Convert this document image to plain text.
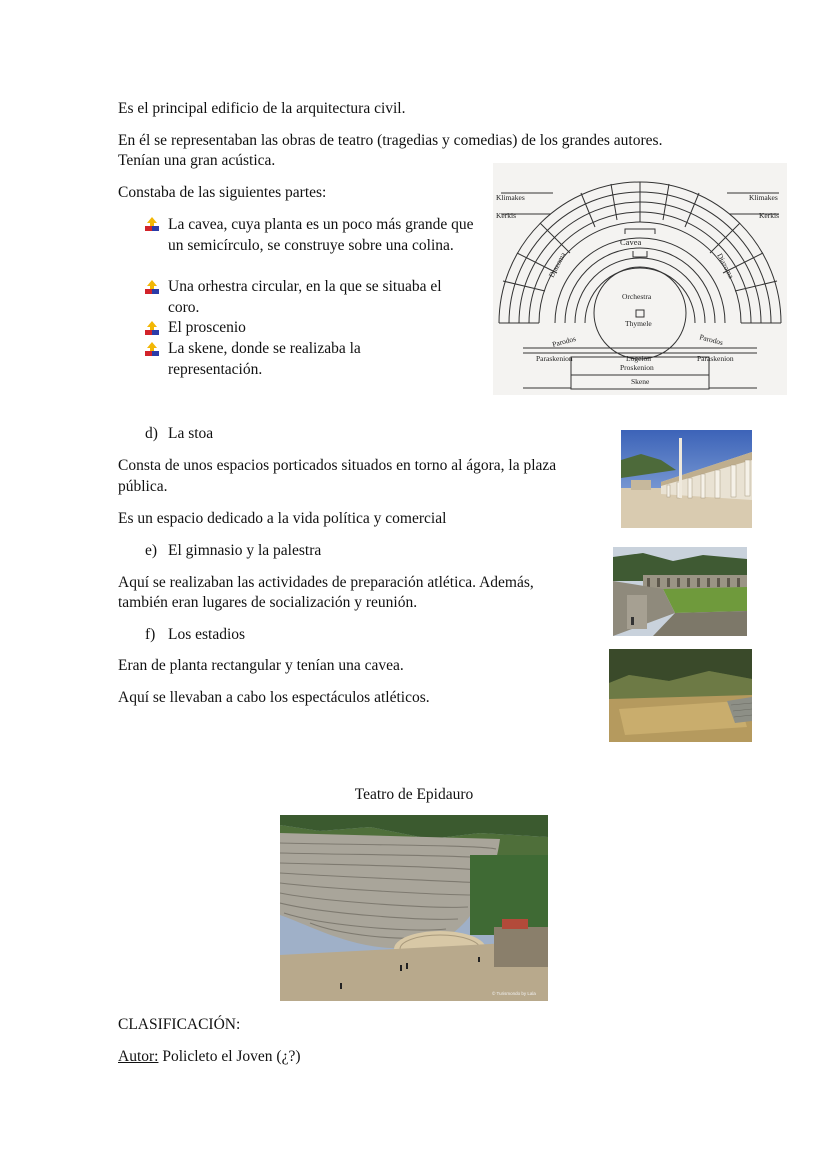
Es el principal edificio de la arquitectura civil.
En él se representaban las obras de teatro (tragedias y comedias) de los grandes autores.
Tenían una gran acústica.
Constaba de las siguientes partes:
La cavea, cuya planta es un poco más grande que un semicírculo, se construye sobre una colina.
Una orhestra circular, en la que se situaba el coro.
El proscenio
La skene, donde se realizaba la representación.
Klimakes
Kerkis
Klimakes
Kerkis
Cavea
Diazoma	Diazoma
Orchestra
Thymele
Parodos	Parodos
Paraskenion	Paraskenion
Logeion
Proskenion
Skene
d) La stoa
Consta de unos espacios porticados situados en torno al ágora, la plaza
pública.
Es un espacio dedicado a la vida política y comercial
e) El gimnasio y la palestra
Aquí se realizaban las actividades de preparación atlética. Además,
también eran lugares de socialización y reunión.
f) Los estadios
Eran de planta rectangular y tenían una cavea.
Aquí se llevaban a cabo los espectáculos atléticos.
Teatro de Epidauro
© Turismondo by Lala
CLASIFICACIÓN:
Autor: Policleto el Joven (¿?)
